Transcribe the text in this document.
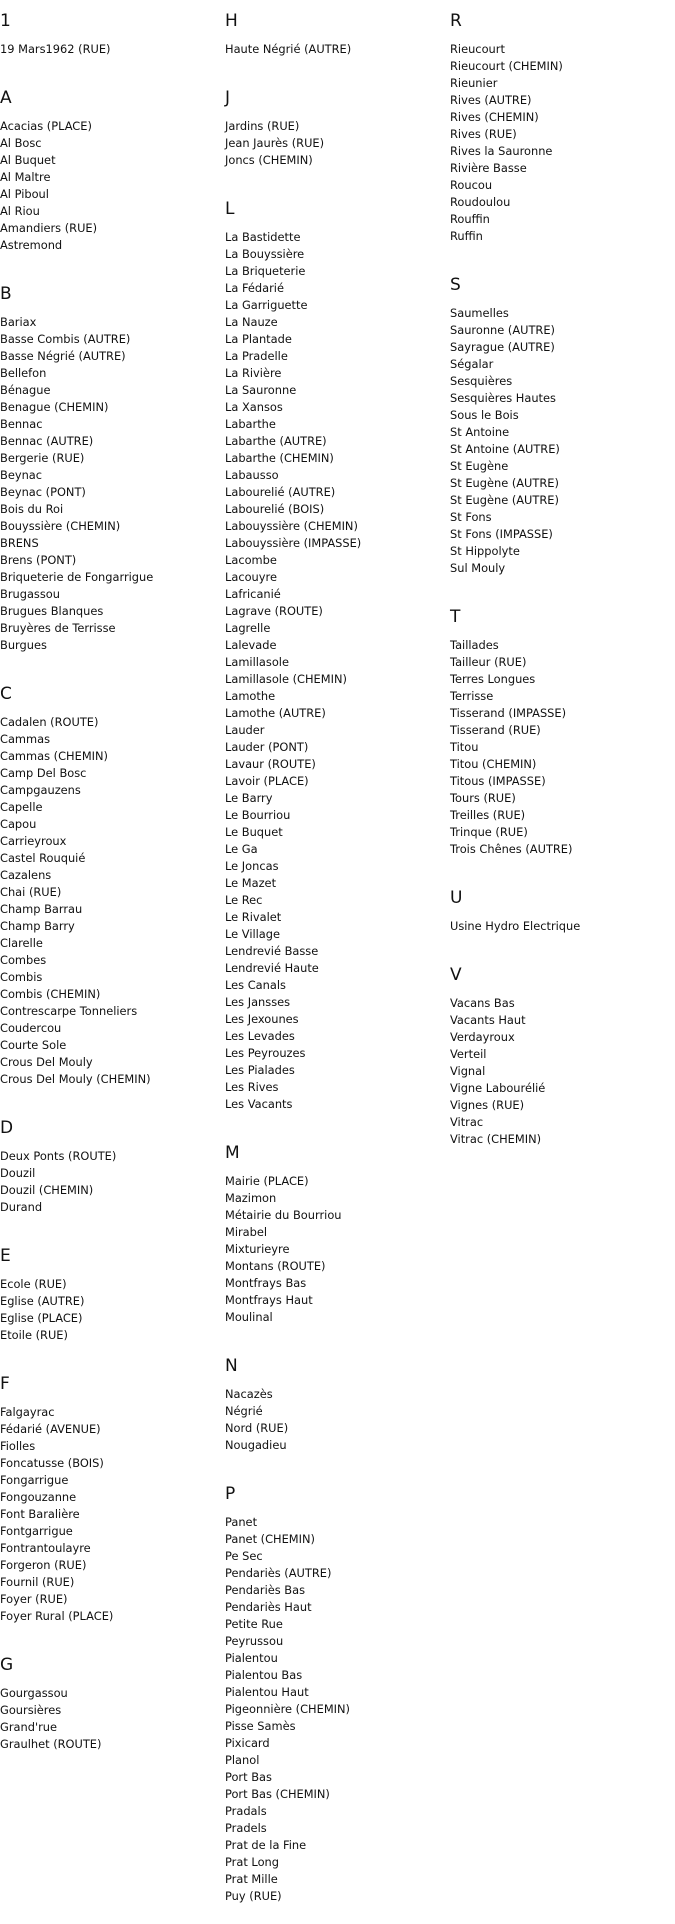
1
19 Mars1962 (RUE)
A
Acacias (PLACE)
Al Bosc
Al Buquet
Al Maltre
Al Piboul
Al Riou
Amandiers (RUE)
Astremond
B
Bariax
Basse Combis (AUTRE)
Basse Négrié (AUTRE)
Bellefon
Bénague
Benague (CHEMIN)
Bennac
Bennac (AUTRE)
Bergerie (RUE)
Beynac
Beynac (PONT)
Bois du Roi
Bouyssière (CHEMIN)
BRENS
Brens (PONT)
Briqueterie de Fongarrigue
Brugassou
Brugues Blanques
Bruyères de Terrisse
Burgues
C
Cadalen (ROUTE)
Cammas
Cammas (CHEMIN)
Camp Del Bosc
Campgauzens
Capelle
Capou
Carrieyroux
Castel Rouquié
Cazalens
Chai (RUE)
Champ Barrau
Champ Barry
Clarelle
Combes
Combis
Combis (CHEMIN)
Contrescarpe Tonneliers
Coudercou
Courte Sole
Crous Del Mouly
Crous Del Mouly (CHEMIN)
D
Deux Ponts (ROUTE)
Douzil
Douzil (CHEMIN)
Durand
E
Ecole (RUE)
Eglise (AUTRE)
Eglise (PLACE)
Etoile (RUE)
F
Falgayrac
Fédarié (AVENUE)
Fiolles
Foncatusse (BOIS)
Fongarrigue
Fongouzanne
Font Baralière
Fontgarrigue
Fontrantoulayre
Forgeron (RUE)
Fournil (RUE)
Foyer (RUE)
Foyer Rural (PLACE)
G
Gourgassou
Goursières
Grand'rue
Graulhet (ROUTE)
H
Haute Négrié (AUTRE)
J
Jardins (RUE)
Jean Jaurès (RUE)
Joncs (CHEMIN)
L
La Bastidette
La Bouyssière
La Briqueterie
La Fédarié
La Garriguette
La Nauze
La Plantade
La Pradelle
La Rivière
La Sauronne
La Xansos
Labarthe
Labarthe (AUTRE)
Labarthe (CHEMIN)
Labausso
Labourelié (AUTRE)
Labourelié (BOIS)
Labouyssière (CHEMIN)
Labouyssière (IMPASSE)
Lacombe
Lacouyre
Lafricanié
Lagrave (ROUTE)
Lagrelle
Lalevade
Lamillasole
Lamillasole (CHEMIN)
Lamothe
Lamothe (AUTRE)
Lauder
Lauder (PONT)
Lavaur (ROUTE)
Lavoir (PLACE)
Le Barry
Le Bourriou
Le Buquet
Le Ga
Le Joncas
Le Mazet
Le Rec
Le Rivalet
Le Village
Lendrevié Basse
Lendrevié Haute
Les Canals
Les Jansses
Les Jexounes
Les Levades
Les Peyrouzes
Les Pialades
Les Rives
Les Vacants
M
Mairie (PLACE)
Mazimon
Métairie du Bourriou
Mirabel
Mixturieyre
Montans (ROUTE)
Montfrays Bas
Montfrays Haut
Moulinal
N
Nacazès
Négrié
Nord (RUE)
Nougadieu
P
Panet
Panet (CHEMIN)
Pe Sec
Pendariès (AUTRE)
Pendariès Bas
Pendariès Haut
Petite Rue
Peyrussou
Pialentou
Pialentou Bas
Pialentou Haut
Pigeonnière (CHEMIN)
Pisse Samès
Pixicard
Planol
Port Bas
Port Bas (CHEMIN)
Pradals
Pradels
Prat de la Fine
Prat Long
Prat Mille
Puy (RUE)
R
Rieucourt
Rieucourt (CHEMIN)
Rieunier
Rives (AUTRE)
Rives (CHEMIN)
Rives (RUE)
Rives la Sauronne
Rivière Basse
Roucou
Roudoulou
Rouffin
Ruffin
S
Saumelles
Sauronne (AUTRE)
Sayrague (AUTRE)
Ségalar
Sesquières
Sesquières Hautes
Sous le Bois
St Antoine
St Antoine (AUTRE)
St Eugène
St Eugène (AUTRE)
St Eugène (AUTRE)
St Fons
St Fons (IMPASSE)
St Hippolyte
Sul Mouly
T
Taillades
Tailleur (RUE)
Terres Longues
Terrisse
Tisserand (IMPASSE)
Tisserand (RUE)
Titou
Titou (CHEMIN)
Titous (IMPASSE)
Tours (RUE)
Treilles (RUE)
Trinque (RUE)
Trois Chênes (AUTRE)
U
Usine Hydro Electrique
V
Vacans Bas
Vacants Haut
Verdayroux
Verteil
Vignal
Vigne Labourélié
Vignes (RUE)
Vitrac
Vitrac (CHEMIN)
